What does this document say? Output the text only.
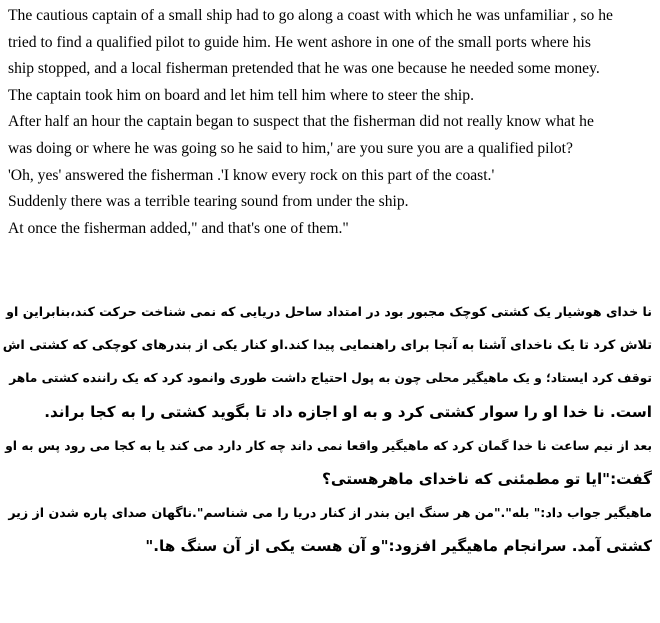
The cautious captain of a small ship had to go along a coast with which he was unfamiliar , so he
tried to find a qualified pilot to guide him. He went ashore in one of the small ports where his
ship stopped, and a local fisherman pretended that he was one because he needed some money.
The captain took him on board and let him tell him where to steer the ship.
After half an hour the captain began to suspect that the fisherman did not really know what he
was doing or where he was going so he said to him,' are you sure you are a qualified pilot?
'Oh, yes' answered the fisherman .'I know every rock on this part of the coast.'
Suddenly there was a terrible tearing sound from under the ship.
At once the fisherman added," and that's one of them."
نا خدای هوشیار یک کشتی کوچک مجبور بود در امتداد ساحل دریایی که نمی شناخت حرکت کند،بنابراین او
تلاش کرد تا یک ناخدای آشنا به آنجا برای راهنمایی پیدا کند.او کنار یکی از بندرهای کوچکی که کشتی اش
توقف کرد ایستاد؛ و یک ماهیگیر محلی چون به پول احتیاج داشت طوری وانمود کرد که یک راننده کشتی ماهر
است. نا خدا او را سوار کشتی کرد و به او اجازه داد تا بگوید کشتی را به کجا براند.
بعد از نیم ساعت نا خدا گمان کرد که ماهیگیر واقعا نمی داند چه کار دارد می کند یا به کجا می رود پس به او
گفت:"ایا تو مطمئنی که ناخدای ماهرهستی؟
ماهیگیر جواب داد:" بله"."من هر سنگ این بندر از کنار دریا را می شناسم".ناگهان صدای پاره شدن از زیر
کشتی آمد. سرانجام ماهیگیر افزود:"و آن هست یکی از آن سنگ ها."
